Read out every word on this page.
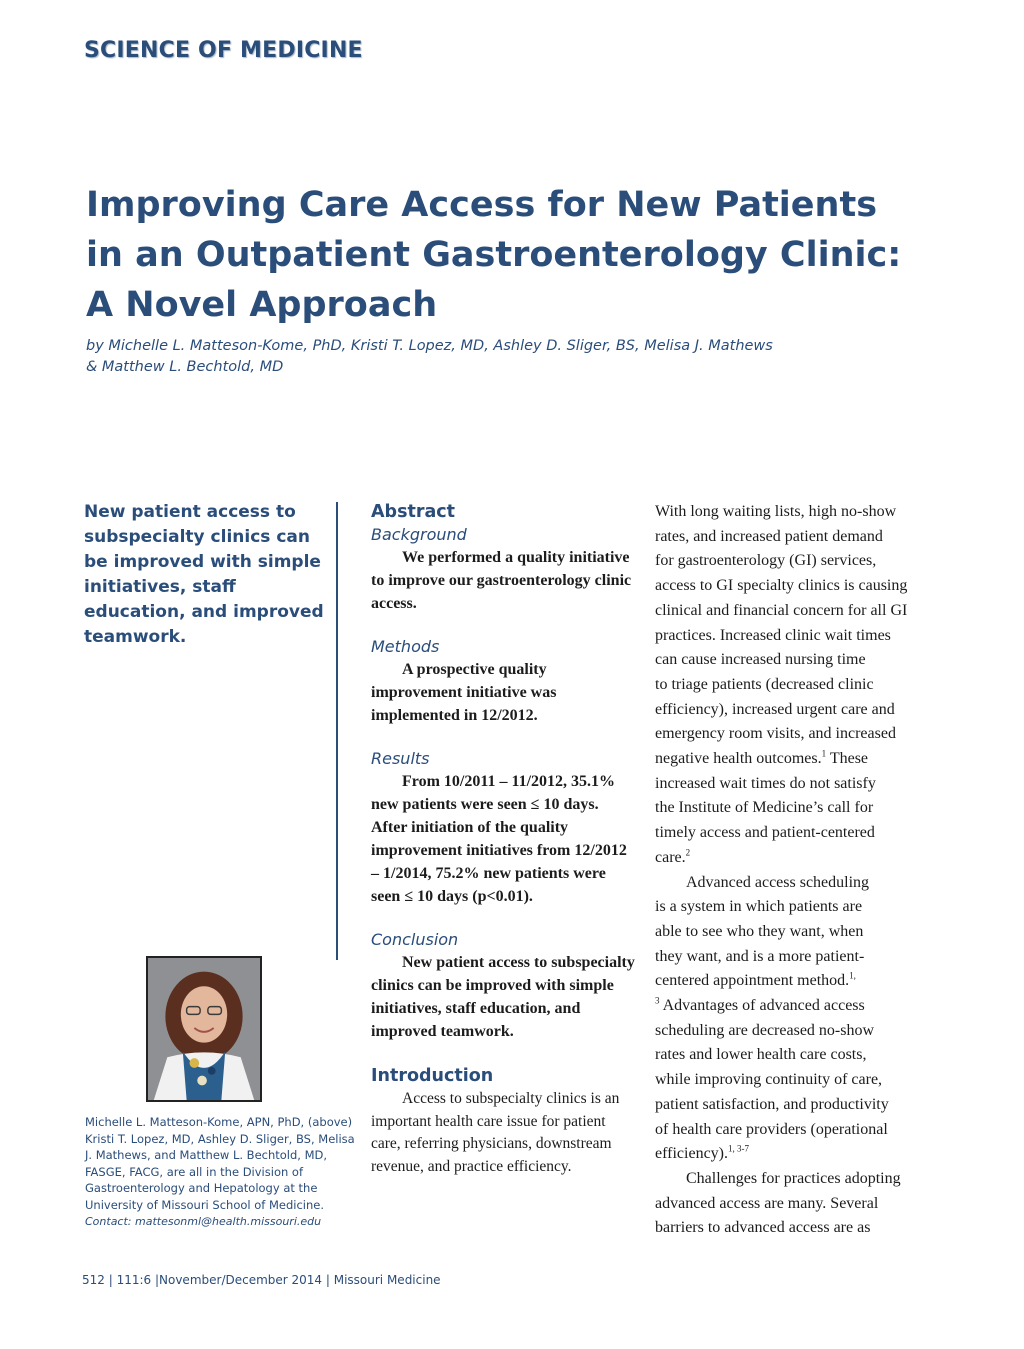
SCIENCE OF MEDICINE
Improving Care Access for New Patients
in an Outpatient Gastroenterology Clinic:
A Novel Approach
by Michelle L. Matteson-Kome, PhD, Kristi T. Lopez, MD, Ashley D. Sliger, BS, Melisa J. Mathews
& Matthew L. Bechtold, MD
New patient access to subspecialty clinics can be improved with simple initiatives, staff education, and improved teamwork.
Michelle L. Matteson-Kome, APN, PhD, (above) Kristi T. Lopez, MD, Ashley D. Sliger, BS, Melisa J. Mathews, and Matthew L. Bechtold, MD, FASGE, FACG, are all in the Division of Gastroenterology and Hepatology at the University of Missouri School of Medicine.
Contact: mattesonml@health.missouri.edu
Abstract
Background

We performed a quality initiative to improve our gastroenterology clinic access.

Methods

A prospective quality improvement initiative was implemented in 12/2012.

Results

From 10/2011 – 11/2012, 35.1% new patients were seen ≤ 10 days. After initiation of the quality improvement initiatives from 12/2012 – 1/2014, 75.2% new patients were seen ≤ 10 days (p<0.01).

Conclusion

New patient access to subspecialty clinics can be improved with simple initiatives, staff education, and improved teamwork.

Introduction

Access to subspecialty clinics is an important health care issue for patient care, referring physicians, downstream revenue, and practice efficiency.

With long waiting lists, high no-show
rates, and increased patient demand
for gastroenterology (GI) services,
access to GI specialty clinics is causing
clinical and financial concern for all GI
practices. Increased clinic wait times
can cause increased nursing time
to triage patients (decreased clinic
efficiency), increased urgent care and
emergency room visits, and increased
negative health outcomes.$^1$ These
increased wait times do not satisfy
the Institute of Medicine’s call for
timely access and patient-centered
care.$^2$
Advanced access scheduling
is a system in which patients are
able to see who they want, when
they want, and is a more patient-
centered appointment method.$^{1,}$
$^3$ Advantages of advanced access
scheduling are decreased no-show
rates and lower health care costs,
while improving continuity of care,
patient satisfaction, and productivity
of health care providers (operational
efficiency).$^{1, 3-7}$
Challenges for practices adopting
advanced access are many. Several
barriers to advanced access are as
512 | 111:6 |November/December 2014 | Missouri Medicine
